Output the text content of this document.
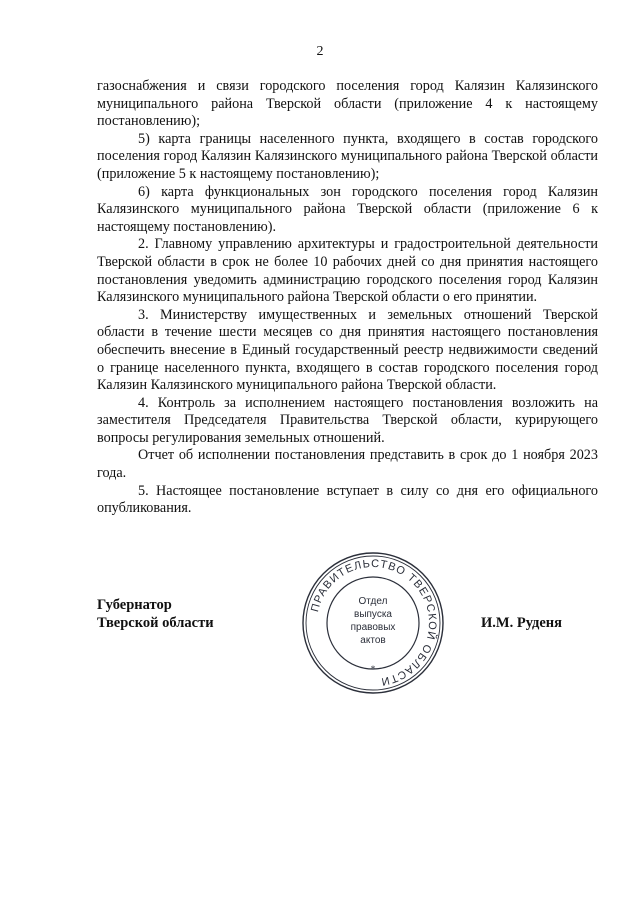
2

газоснабжения и связи городского поселения город Калязин Калязинского муниципального района Тверской области (приложение 4 к настоящему постановлению);

5) карта границы населенного пункта, входящего в состав городского поселения город Калязин Калязинского муниципального района Тверской области (приложение 5 к настоящему постановлению);

6) карта функциональных зон городского поселения город Калязин Калязинского муниципального района Тверской области (приложение 6 к настоящему постановлению).

2. Главному управлению архитектуры и градостроительной деятельности Тверской области в срок не более 10 рабочих дней со дня принятия настоящего постановления уведомить администрацию городского поселения город Калязин Калязинского муниципального района Тверской области о его принятии.

3. Министерству имущественных и земельных отношений Тверской области в течение шести месяцев со дня принятия настоящего постановления обеспечить внесение в Единый государственный реестр недвижимости сведений о границе населенного пункта, входящего в состав городского поселения город Калязин Калязинского муниципального района Тверской области.

4. Контроль за исполнением настоящего постановления возложить на заместителя Председателя Правительства Тверской области, курирующего вопросы регулирования земельных отношений.

Отчет об исполнении постановления представить в срок до 1 ноября 2023 года.

5. Настоящее постановление вступает в силу со дня его официального опубликования.

Губернатор
Тверской области
ПРАВИТЕЛЬСТВО ТВЕРСКОЙ ОБЛАСТИ
*
Отдел
выпуска
правовых
актов
И.М. Руденя
